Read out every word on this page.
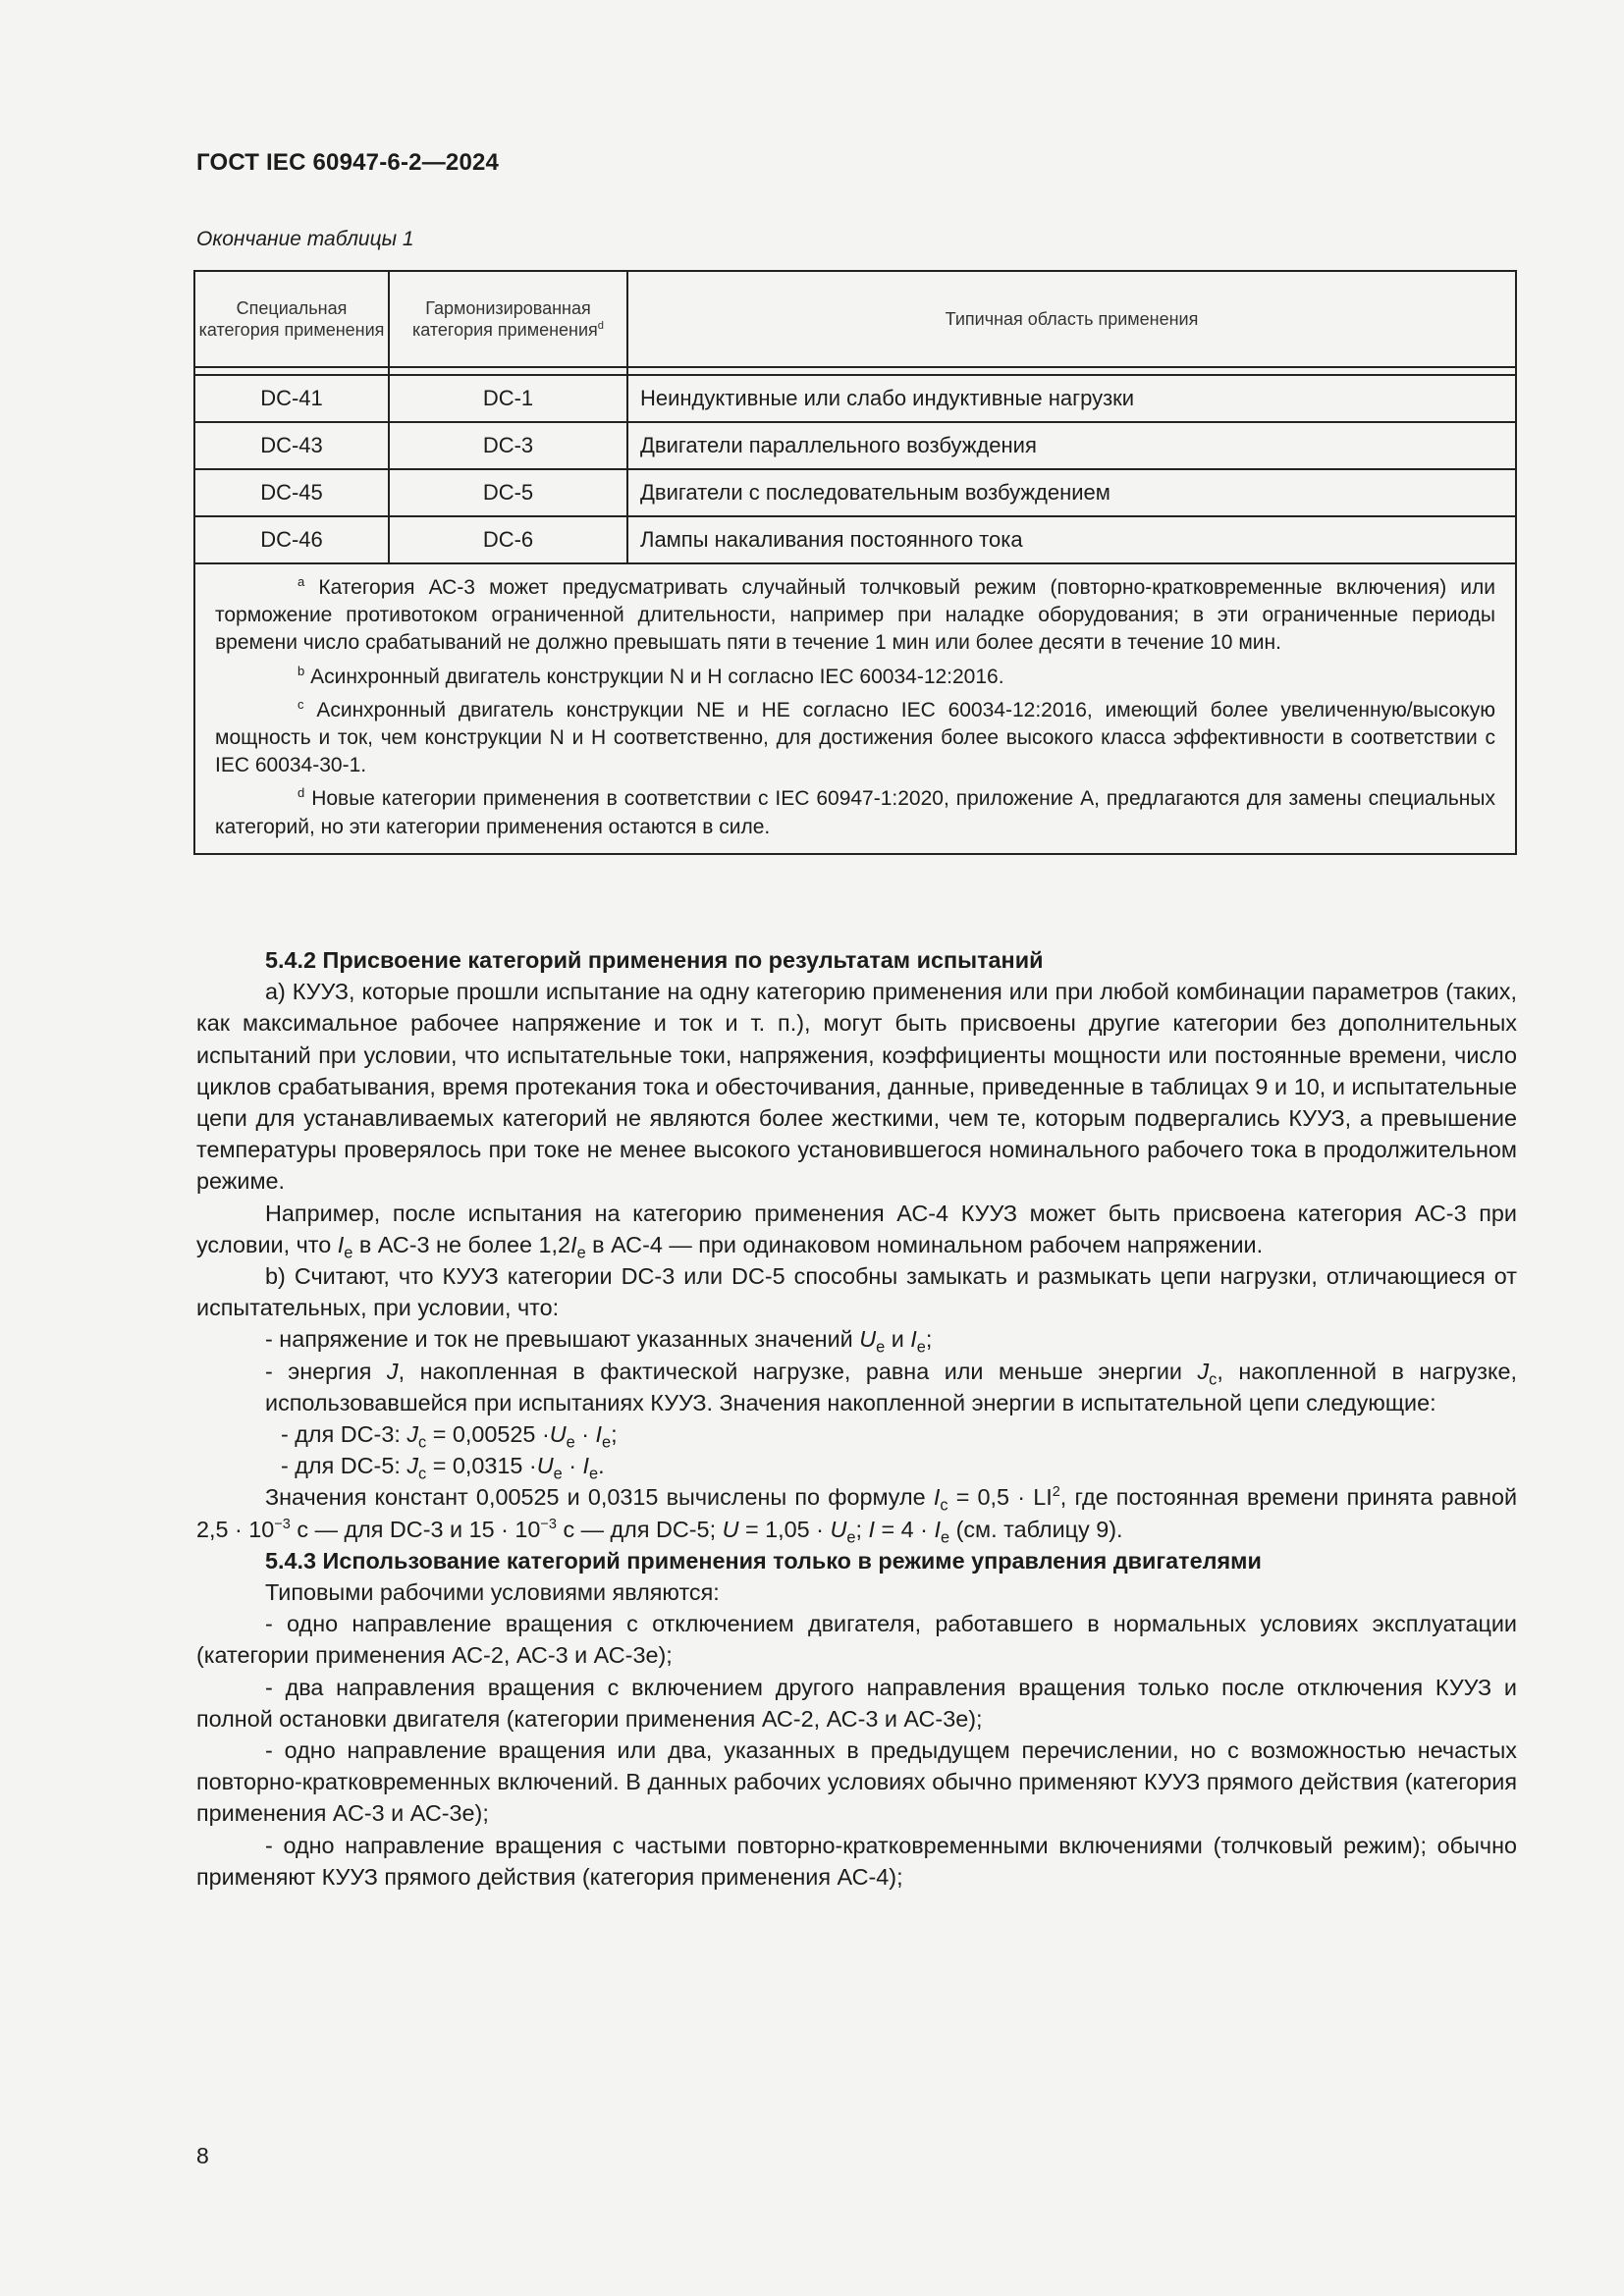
ГОСТ IEC 60947-6-2—2024
Окончание таблицы 1
Специальная категория применения	Гармонизированная категория применения$^d$	Типичная область применения

DC-41	DC-1	Неиндуктивные или слабо индуктивные нагрузки
DC-43	DC-3	Двигатели параллельного возбуждения
DC-45	DC-5	Двигатели с последовательным возбуждением
DC-46	DC-6	Лампы накаливания постоянного тока

$^a$ Категория АС-3 может предусматривать случайный толчковый режим (повторно-кратковременные включения) или торможение противотоком ограниченной длительности, например при наладке оборудования; в эти ограниченные периоды времени число срабатываний не должно превышать пяти в течение 1 мин или более десяти в течение 10 мин.

$^b$ Асинхронный двигатель конструкции N и H согласно IEC 60034-12:2016.

$^c$ Асинхронный двигатель конструкции NE и HE согласно IEC 60034-12:2016, имеющий более увеличенную/высокую мощность и ток, чем конструкции N и H соответственно, для достижения более высокого класса эффективности в соответствии с IEC 60034-30-1.

$^d$ Новые категории применения в соответствии с IEC 60947-1:2020, приложение А, предлагаются для замены специальных категорий, но эти категории применения остаются в силе.		

5.4.2 Присвоение категорий применения по результатам испытаний

a) КУУЗ, которые прошли испытание на одну категорию применения или при любой комбинации параметров (таких, как максимальное рабочее напряжение и ток и т. п.), могут быть присвоены другие категории без дополнительных испытаний при условии, что испытательные токи, напряжения, коэффициенты мощности или постоянные времени, число циклов срабатывания, время протекания тока и обесточивания, данные, приведенные в таблицах 9 и 10, и испытательные цепи для устанавливаемых категорий не являются более жесткими, чем те, которым подвергались КУУЗ, а превышение температуры проверялось при токе не менее высокого установившегося номинального рабочего тока в продолжительном режиме.

Например, после испытания на категорию применения АС-4 КУУЗ может быть присвоена категория АС-3 при условии, что $I_e$ в АС-3 не более $1,2I_e$ в АС-4 — при одинаковом номинальном рабочем напряжении.

b) Считают, что КУУЗ категории DC-3 или DC-5 способны замыкать и размыкать цепи нагрузки, отличающиеся от испытательных, при условии, что:

- напряжение и ток не превышают указанных значений $U_e$ и $I_e$;

- энергия J, накопленная в фактической нагрузке, равна или меньше энергии $J_c$, накопленной в нагрузке, использовавшейся при испытаниях КУУЗ. Значения накопленной энергии в испытательной цепи следующие:

- для DC-3: $J_c = 0,00525 \cdot U_e \cdot I_e$;

- для DC-5: $J_c = 0,0315 \cdot U_e \cdot I_e$.

Значения констант 0,00525 и 0,0315 вычислены по формуле $I_c = 0,5 \cdot LI^2$, где постоянная времени принята равной $2,5 \cdot 10^{-3}$ с — для DC-3 и $15 \cdot 10^{-3}$ с — для DC-5; $U = 1,05 \cdot U_e$; $I = 4 \cdot I_e$ (см. таблицу 9).

5.4.3 Использование категорий применения только в режиме управления двигателями

Типовыми рабочими условиями являются:

- одно направление вращения с отключением двигателя, работавшего в нормальных условиях эксплуатации (категории применения АС-2, АС-3 и АС-3е);

- два направления вращения с включением другого направления вращения только после отключения КУУЗ и полной остановки двигателя (категории применения АС-2, АС-3 и АС-3е);

- одно направление вращения или два, указанных в предыдущем перечислении, но с возможностью нечастых повторно-кратковременных включений. В данных рабочих условиях обычно применяют КУУЗ прямого действия (категория применения АС-3 и АС-3е);

- одно направление вращения с частыми повторно-кратковременными включениями (толчковый режим); обычно применяют КУУЗ прямого действия (категория применения АС-4);

8
